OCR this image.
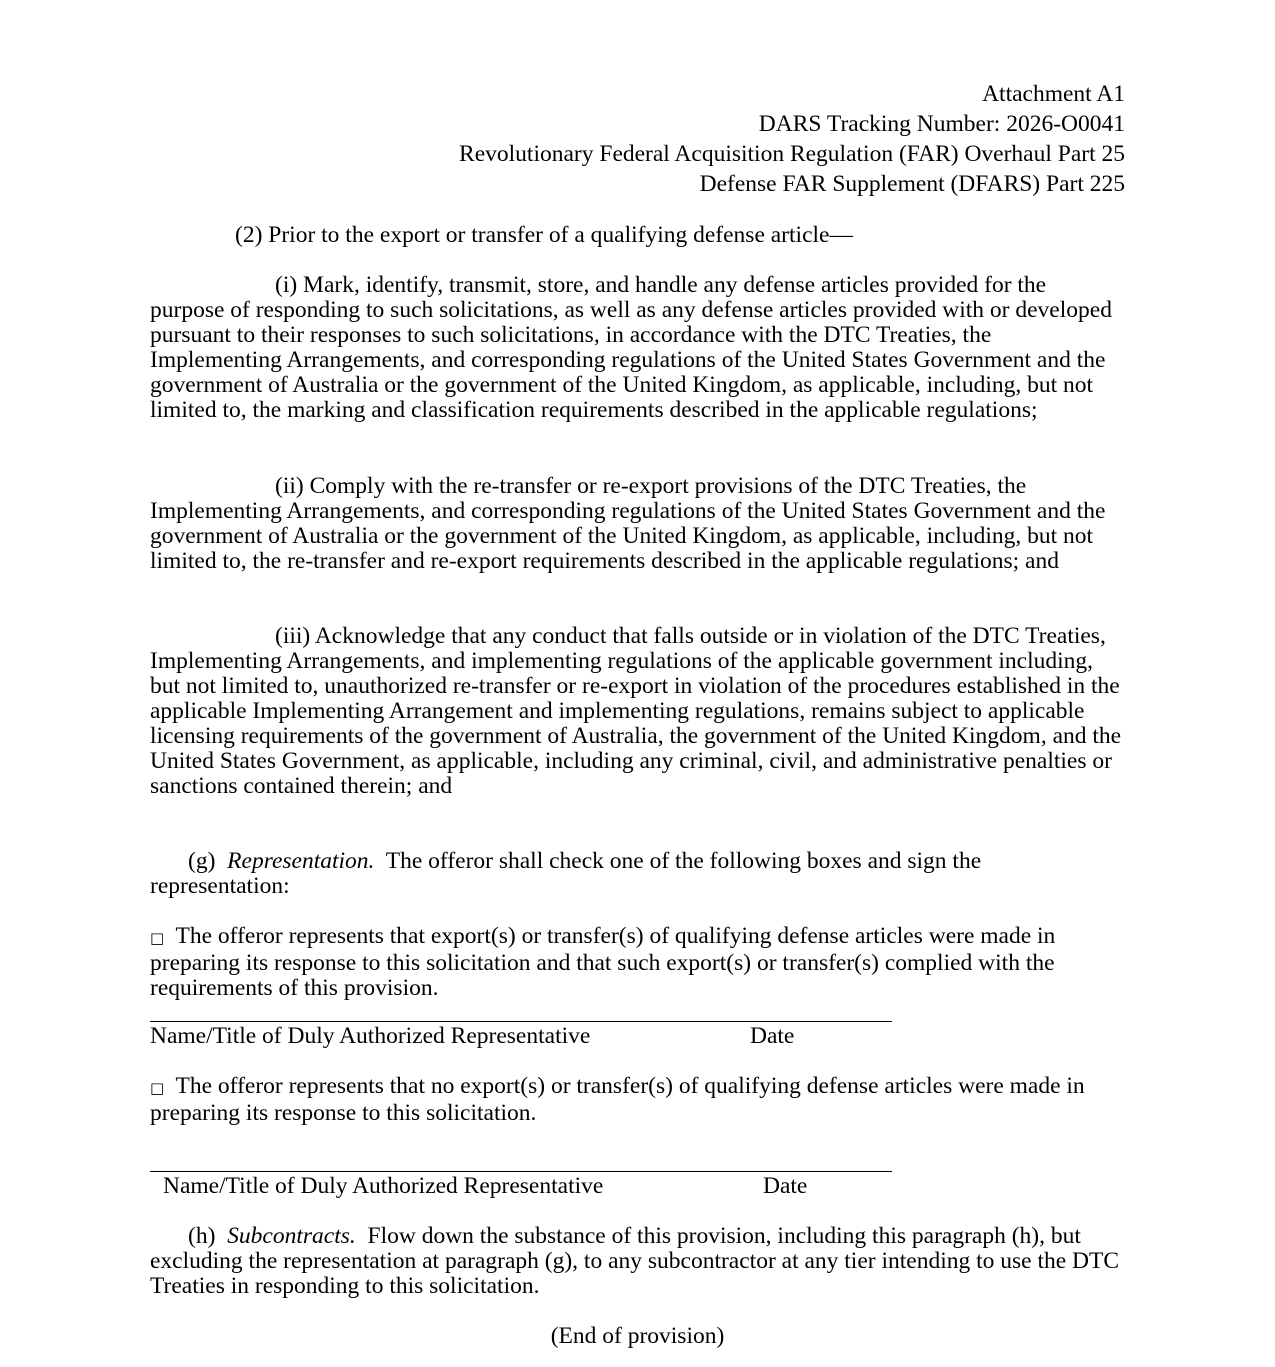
Attachment A1
DARS Tracking Number: 2026-O0041
Revolutionary Federal Acquisition Regulation (FAR) Overhaul Part 25
Defense FAR Supplement (DFARS) Part 225
(2) Prior to the export or transfer of a qualifying defense article—
(i) Mark, identify, transmit, store, and handle any defense articles provided for the purpose of responding to such solicitations, as well as any defense articles provided with or developed pursuant to their responses to such solicitations, in accordance with the DTC Treaties, the Implementing Arrangements, and corresponding regulations of the United States Government and the government of Australia or the government of the United Kingdom, as applicable, including, but not limited to, the marking and classification requirements described in the applicable regulations;
(ii) Comply with the re-transfer or re-export provisions of the DTC Treaties, the Implementing Arrangements, and corresponding regulations of the United States Government and the government of Australia or the government of the United Kingdom, as applicable, including, but not limited to, the re-transfer and re-export requirements described in the applicable regulations; and
(iii) Acknowledge that any conduct that falls outside or in violation of the DTC Treaties, Implementing Arrangements, and implementing regulations of the applicable government including, but not limited to, unauthorized re-transfer or re-export in violation of the procedures established in the applicable Implementing Arrangement and implementing regulations, remains subject to applicable licensing requirements of the government of Australia, the government of the United Kingdom, and the United States Government, as applicable, including any criminal, civil, and administrative penalties or sanctions contained therein; and
(g)  Representation.  The offeror shall check one of the following boxes and sign the representation:
□  The offeror represents that export(s) or transfer(s) of qualifying defense articles were made in preparing its response to this solicitation and that such export(s) or transfer(s) complied with the requirements of this provision.
Name/Title of Duly Authorized Representative	Date
□  The offeror represents that no export(s) or transfer(s) of qualifying defense articles were made in preparing its response to this solicitation.
Name/Title of Duly Authorized Representative	Date
(h)  Subcontracts.  Flow down the substance of this provision, including this paragraph (h), but excluding the representation at paragraph (g), to any subcontractor at any tier intending to use the DTC Treaties in responding to this solicitation.
(End of provision)
